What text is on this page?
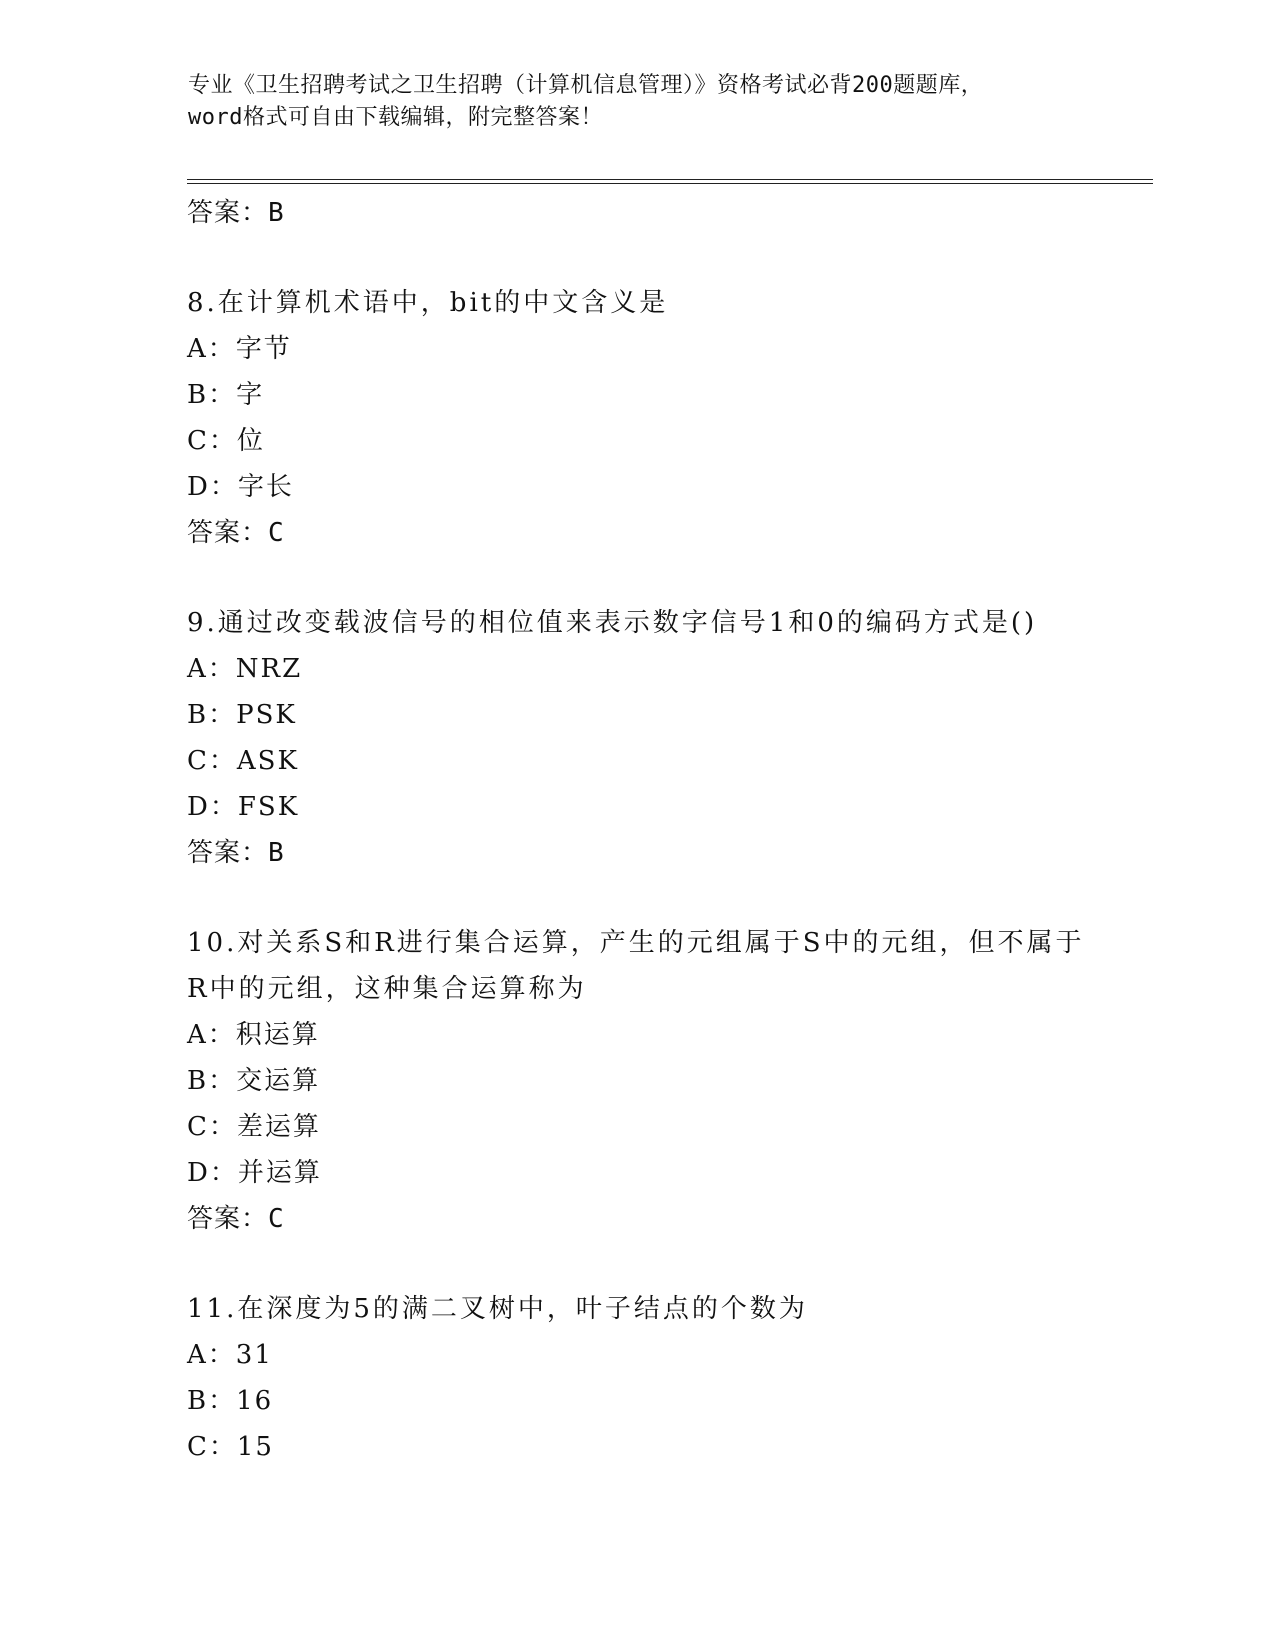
专业《卫生招聘考试之卫生招聘（计算机信息管理）》资格考试必背200题题库，
word格式可自由下载编辑，附完整答案！
答案：B
8.在计算机术语中，bit的中文含义是
A：字节
B：字
C：位
D：字长
答案：C
9.通过改变载波信号的相位值来表示数字信号1和0的编码方式是()
A：NRZ
B：PSK
C：ASK
D：FSK
答案：B
10.对关系S和R进行集合运算，产生的元组属于S中的元组，但不属于R中的元组，这种集合运算称为
A：积运算
B：交运算
C：差运算
D：并运算
答案：C
11.在深度为5的满二叉树中，叶子结点的个数为
A：31
B：16
C：15
